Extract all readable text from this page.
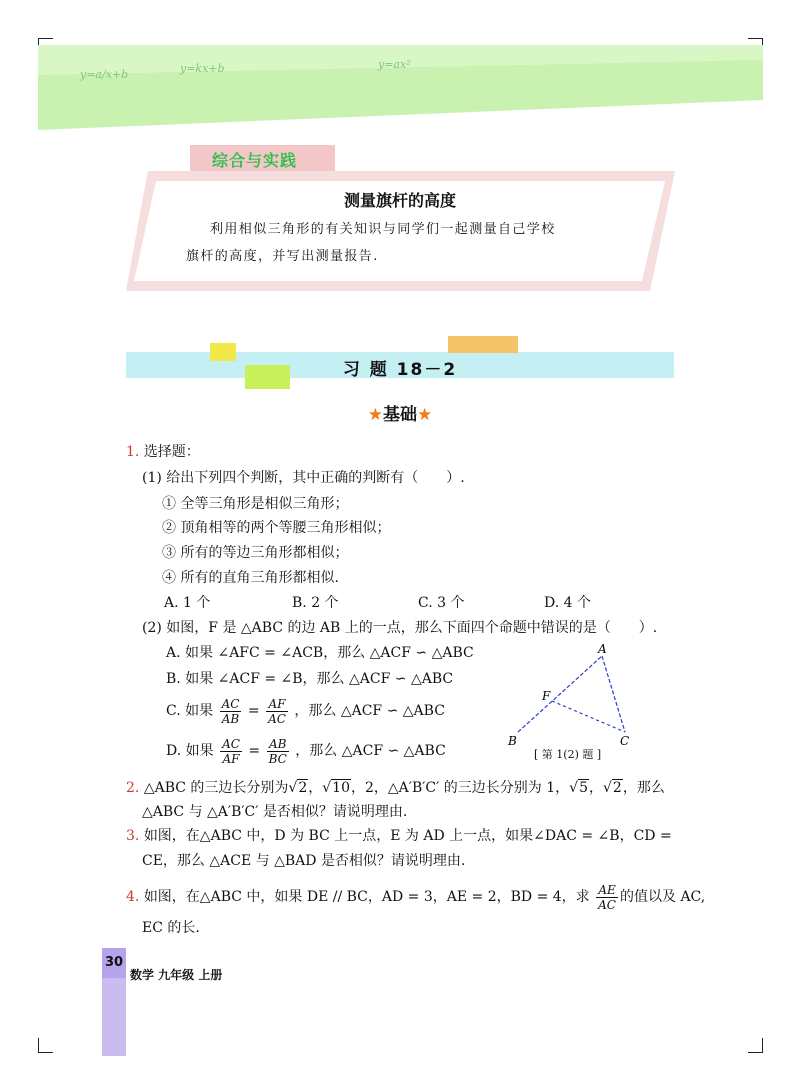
y=a/x+b	y=kx+b	y=ax²
综合与实践
测量旗杆的高度
利用相似三角形的有关知识与同学们一起测量自己学校
旗杆的高度，并写出测量报告.
习 题 18－2
★基础★
1. 选择题：
(1) 给出下列四个判断，其中正确的判断有（　　）.
① 全等三角形是相似三角形；
② 顶角相等的两个等腰三角形相似；
③ 所有的等边三角形都相似；
④ 所有的直角三角形都相似.
A. 1 个	B. 2 个	C. 3 个	D. 4 个
(2) 如图，F 是 △ABC 的边 AB 上的一点，那么下面四个命题中错误的是（　　）.
A. 如果 ∠AFC = ∠ACB，那么 △ACF ∽ △ABC
B. 如果 ∠ACF = ∠B，那么 △ACF ∽ △ABC
C. 如果 $\frac{AC}{AB} = \frac{AF}{AC}$ ，那么 △ACF ∽ △ABC
D. 如果 $\frac{AC}{AF} = \frac{AB}{BC}$ ，那么 △ACF ∽ △ABC
A
B	C
F
[ 第 1(2) 题 ]
2. △ABC 的三边长分别为√2，√10，2，△A′B′C′ 的三边长分别为 1，√5，√2，那么
△ABC 与 △A′B′C′ 是否相似？请说明理由.
3. 如图，在△ABC 中，D 为 BC 上一点，E 为 AD 上一点，如果∠DAC = ∠B，CD =
CE，那么 △ACE 与 △BAD 是否相似？请说明理由.
4. 如图，在△ABC 中，如果 DE // BC，AD = 3，AE = 2，BD = 4，求 $\frac{AE}{AC}$ 的值以及 AC,
EC 的长.
30
数学 九年级 上册
